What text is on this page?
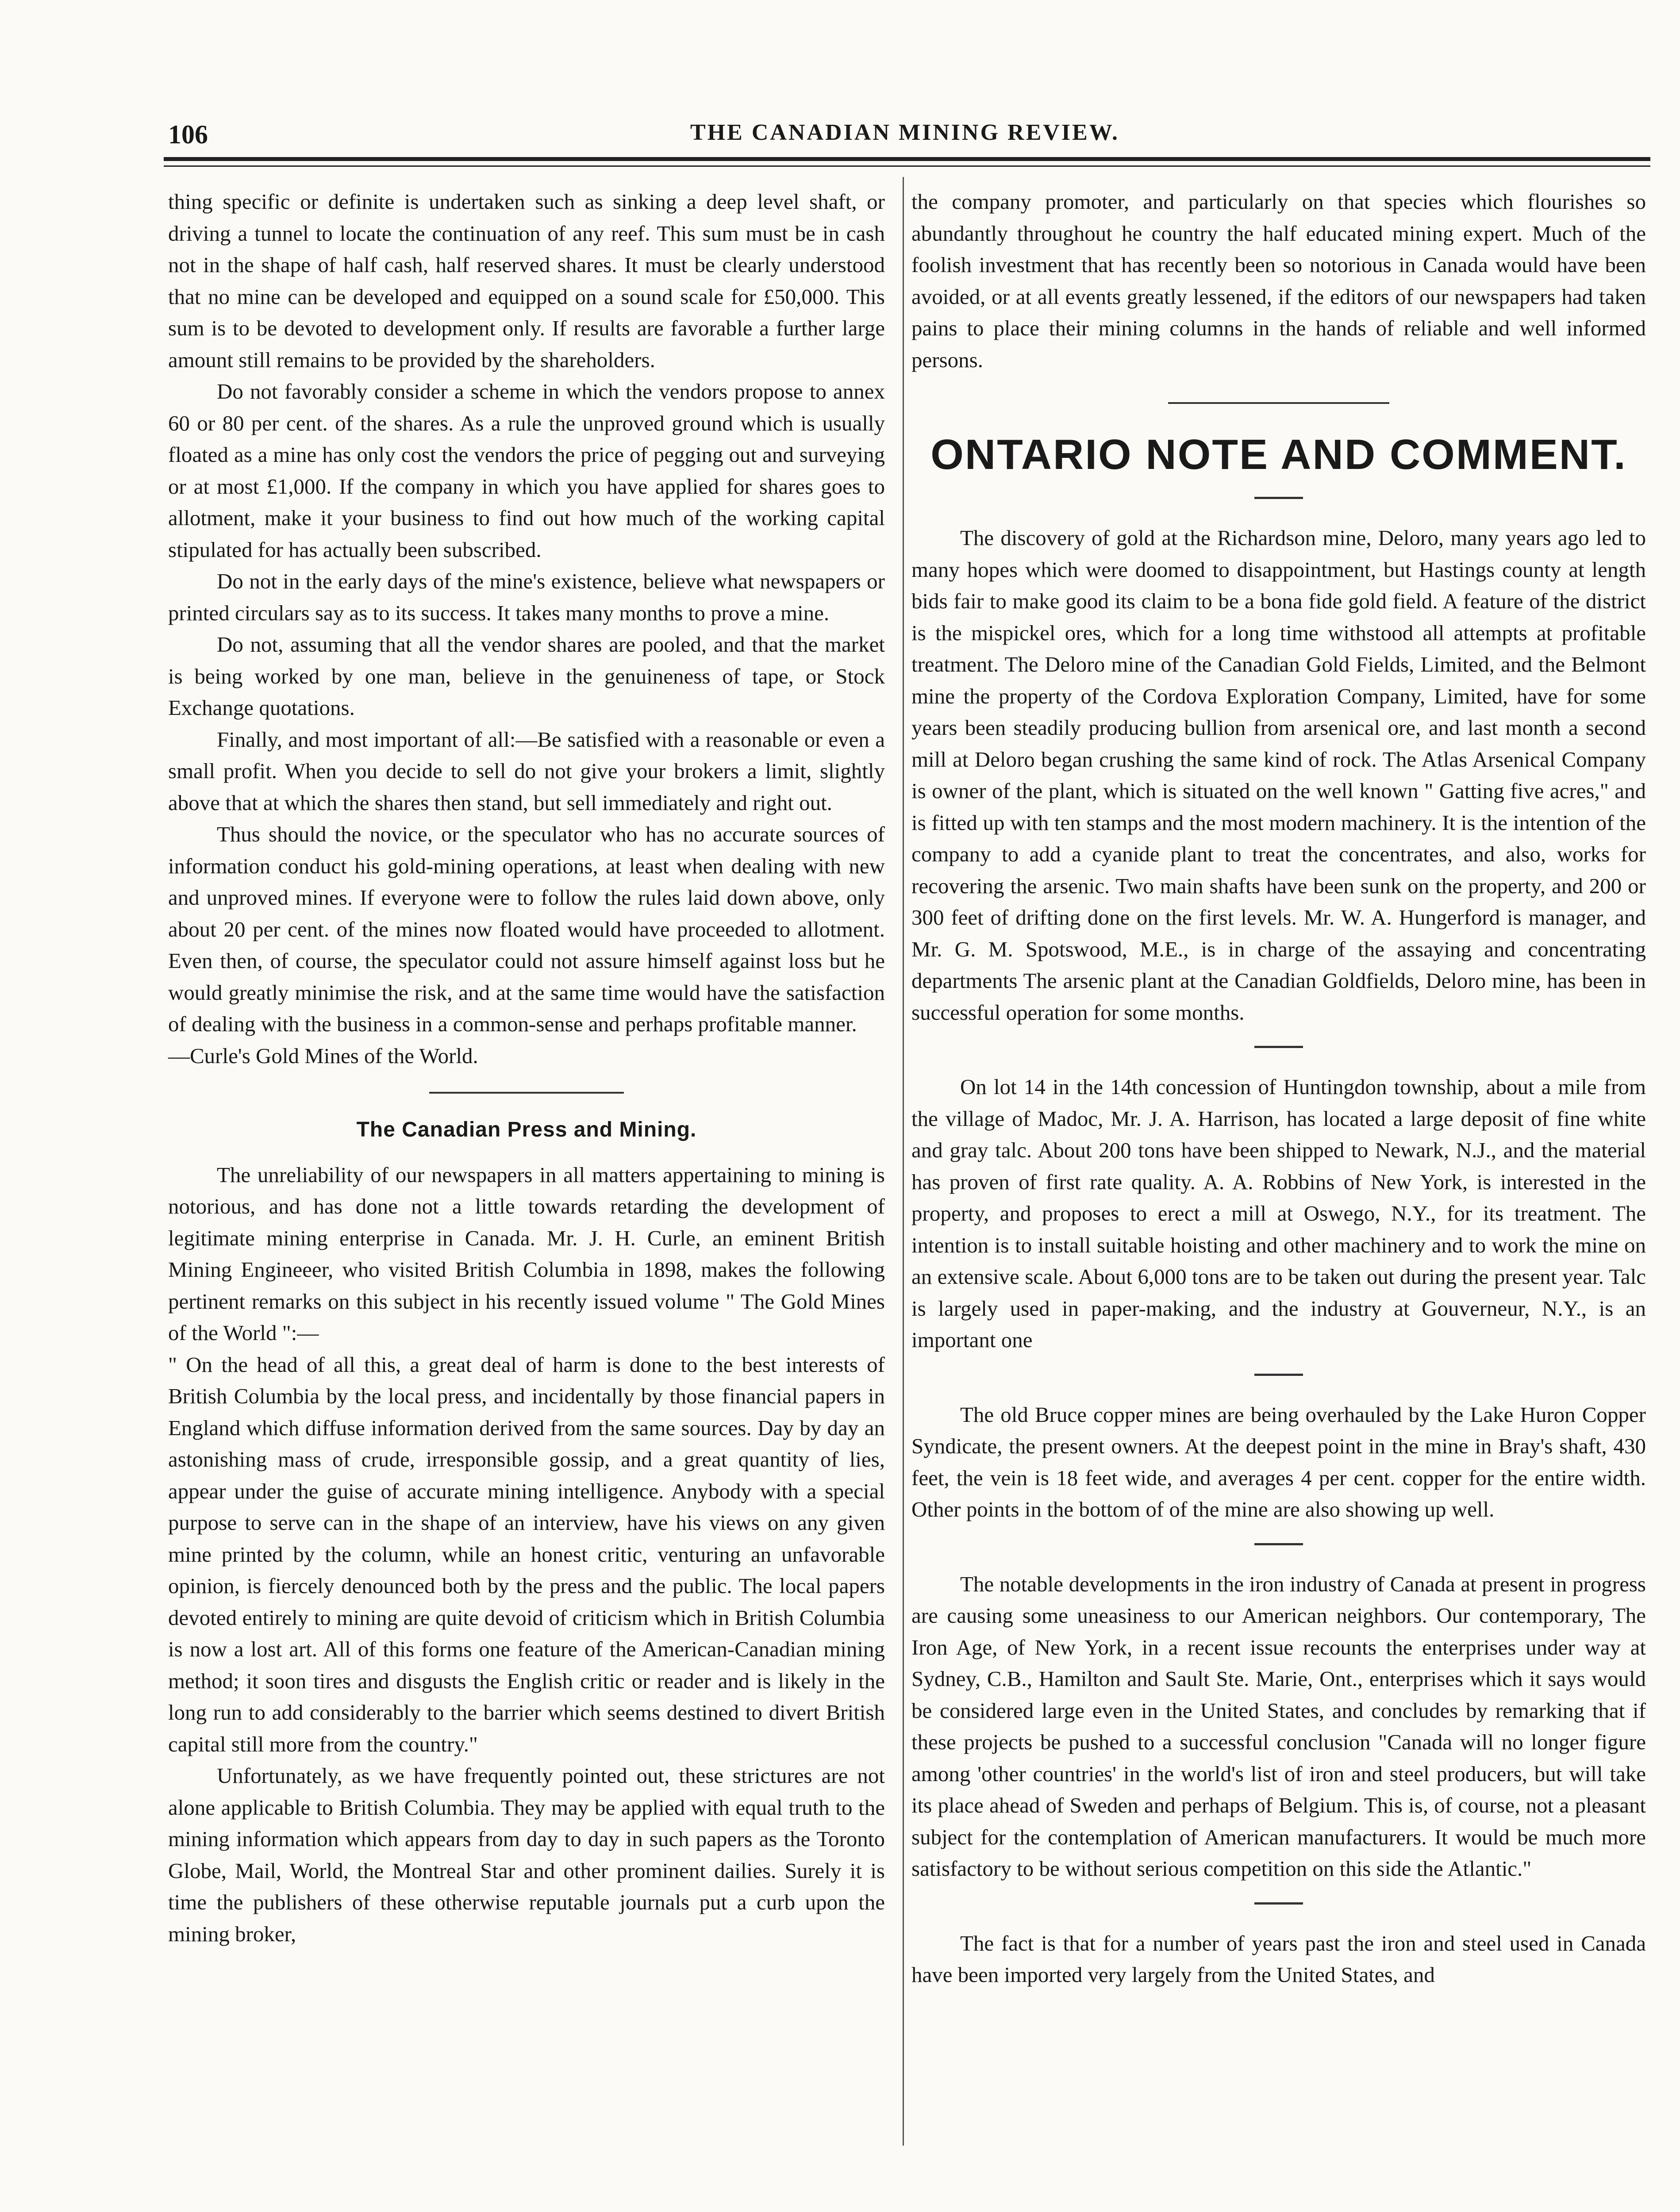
106	THE CANADIAN MINING REVIEW.

thing specific or definite is undertaken such as sinking a deep level shaft, or driving a tunnel to locate the continuation of any reef. This sum must be in cash not in the shape of half cash, half reserved shares. It must be clearly understood that no mine can be developed and equipped on a sound scale for £50,000. This sum is to be devoted to development only. If results are favorable a further large amount still remains to be provided by the shareholders.

Do not favorably consider a scheme in which the vendors propose to annex 60 or 80 per cent. of the shares. As a rule the unproved ground which is usually floated as a mine has only cost the vendors the price of pegging out and surveying or at most £1,000. If the company in which you have applied for shares goes to allotment, make it your business to find out how much of the working capital stipulated for has actually been subscribed.

Do not in the early days of the mine's existence, believe what newspapers or printed circulars say as to its success. It takes many months to prove a mine.

Do not, assuming that all the vendor shares are pooled, and that the market is being worked by one man, believe in the genuineness of tape, or Stock Exchange quotations.

Finally, and most important of all:—Be satisfied with a reasonable or even a small profit. When you decide to sell do not give your brokers a limit, slightly above that at which the shares then stand, but sell immediately and right out.

Thus should the novice, or the speculator who has no accurate sources of information conduct his gold-mining operations, at least when dealing with new and unproved mines. If everyone were to follow the rules laid down above, only about 20 per cent. of the mines now floated would have proceeded to allotment. Even then, of course, the speculator could not assure himself against loss but he would greatly minimise the risk, and at the same time would have the satisfaction of dealing with the business in a common-sense and perhaps profitable manner.

—Curle's Gold Mines of the World.

The Canadian Press and Mining.

The unreliability of our newspapers in all matters appertaining to mining is notorious, and has done not a little towards retarding the development of legitimate mining enterprise in Canada. Mr. J. H. Curle, an eminent British Mining Engineeer, who visited British Columbia in 1898, makes the following pertinent remarks on this subject in his recently issued volume " The Gold Mines of the World ":—

" On the head of all this, a great deal of harm is done to the best interests of British Columbia by the local press, and incidentally by those financial papers in England which diffuse information derived from the same sources. Day by day an astonishing mass of crude, irresponsible gossip, and a great quantity of lies, appear under the guise of accurate mining intelligence. Anybody with a special purpose to serve can in the shape of an interview, have his views on any given mine printed by the column, while an honest critic, venturing an unfavorable opinion, is fiercely denounced both by the press and the public. The local papers devoted entirely to mining are quite devoid of criticism which in British Columbia is now a lost art. All of this forms one feature of the American-Canadian mining method; it soon tires and disgusts the English critic or reader and is likely in the long run to add considerably to the barrier which seems destined to divert British capital still more from the country."

Unfortunately, as we have frequently pointed out, these strictures are not alone applicable to British Columbia. They may be applied with equal truth to the mining information which appears from day to day in such papers as the Toronto Globe, Mail, World, the Montreal Star and other prominent dailies. Surely it is time the publishers of these otherwise reputable journals put a curb upon the mining broker,

the company promoter, and particularly on that species which flourishes so abundantly throughout he country the half educated mining expert. Much of the foolish investment that has recently been so notorious in Canada would have been avoided, or at all events greatly lessened, if the editors of our newspapers had taken pains to place their mining columns in the hands of reliable and well informed persons.

ONTARIO NOTE AND COMMENT.

The discovery of gold at the Richardson mine, Deloro, many years ago led to many hopes which were doomed to disappointment, but Hastings county at length bids fair to make good its claim to be a bona fide gold field. A feature of the district is the mispickel ores, which for a long time withstood all attempts at profitable treatment. The Deloro mine of the Canadian Gold Fields, Limited, and the Belmont mine the property of the Cordova Exploration Company, Limited, have for some years been steadily producing bullion from arsenical ore, and last month a second mill at Deloro began crushing the same kind of rock. The Atlas Arsenical Company is owner of the plant, which is situated on the well known " Gatting five acres," and is fitted up with ten stamps and the most modern machinery. It is the intention of the company to add a cyanide plant to treat the concentrates, and also, works for recovering the arsenic. Two main shafts have been sunk on the property, and 200 or 300 feet of drifting done on the first levels. Mr. W. A. Hungerford is manager, and Mr. G. M. Spotswood, M.E., is in charge of the assaying and concentrating departments The arsenic plant at the Canadian Goldfields, Deloro mine, has been in successful operation for some months.

On lot 14 in the 14th concession of Huntingdon township, about a mile from the village of Madoc, Mr. J. A. Harrison, has located a large deposit of fine white and gray talc. About 200 tons have been shipped to Newark, N.J., and the material has proven of first rate quality. A. A. Robbins of New York, is interested in the property, and proposes to erect a mill at Oswego, N.Y., for its treatment. The intention is to install suitable hoisting and other machinery and to work the mine on an extensive scale. About 6,000 tons are to be taken out during the present year. Talc is largely used in paper-making, and the industry at Gouverneur, N.Y., is an important one

The old Bruce copper mines are being overhauled by the Lake Huron Copper Syndicate, the present owners. At the deepest point in the mine in Bray's shaft, 430 feet, the vein is 18 feet wide, and averages 4 per cent. copper for the entire width. Other points in the bottom of of the mine are also showing up well.

The notable developments in the iron industry of Canada at present in progress are causing some uneasiness to our American neighbors. Our contemporary, The Iron Age, of New York, in a recent issue recounts the enterprises under way at Sydney, C.B., Hamilton and Sault Ste. Marie, Ont., enterprises which it says would be considered large even in the United States, and concludes by remarking that if these projects be pushed to a successful conclusion "Canada will no longer figure among 'other countries' in the world's list of iron and steel producers, but will take its place ahead of Sweden and perhaps of Belgium. This is, of course, not a pleasant subject for the contemplation of American manufacturers. It would be much more satisfactory to be without serious competition on this side the Atlantic."

The fact is that for a number of years past the iron and steel used in Canada have been imported very largely from the United States, and
